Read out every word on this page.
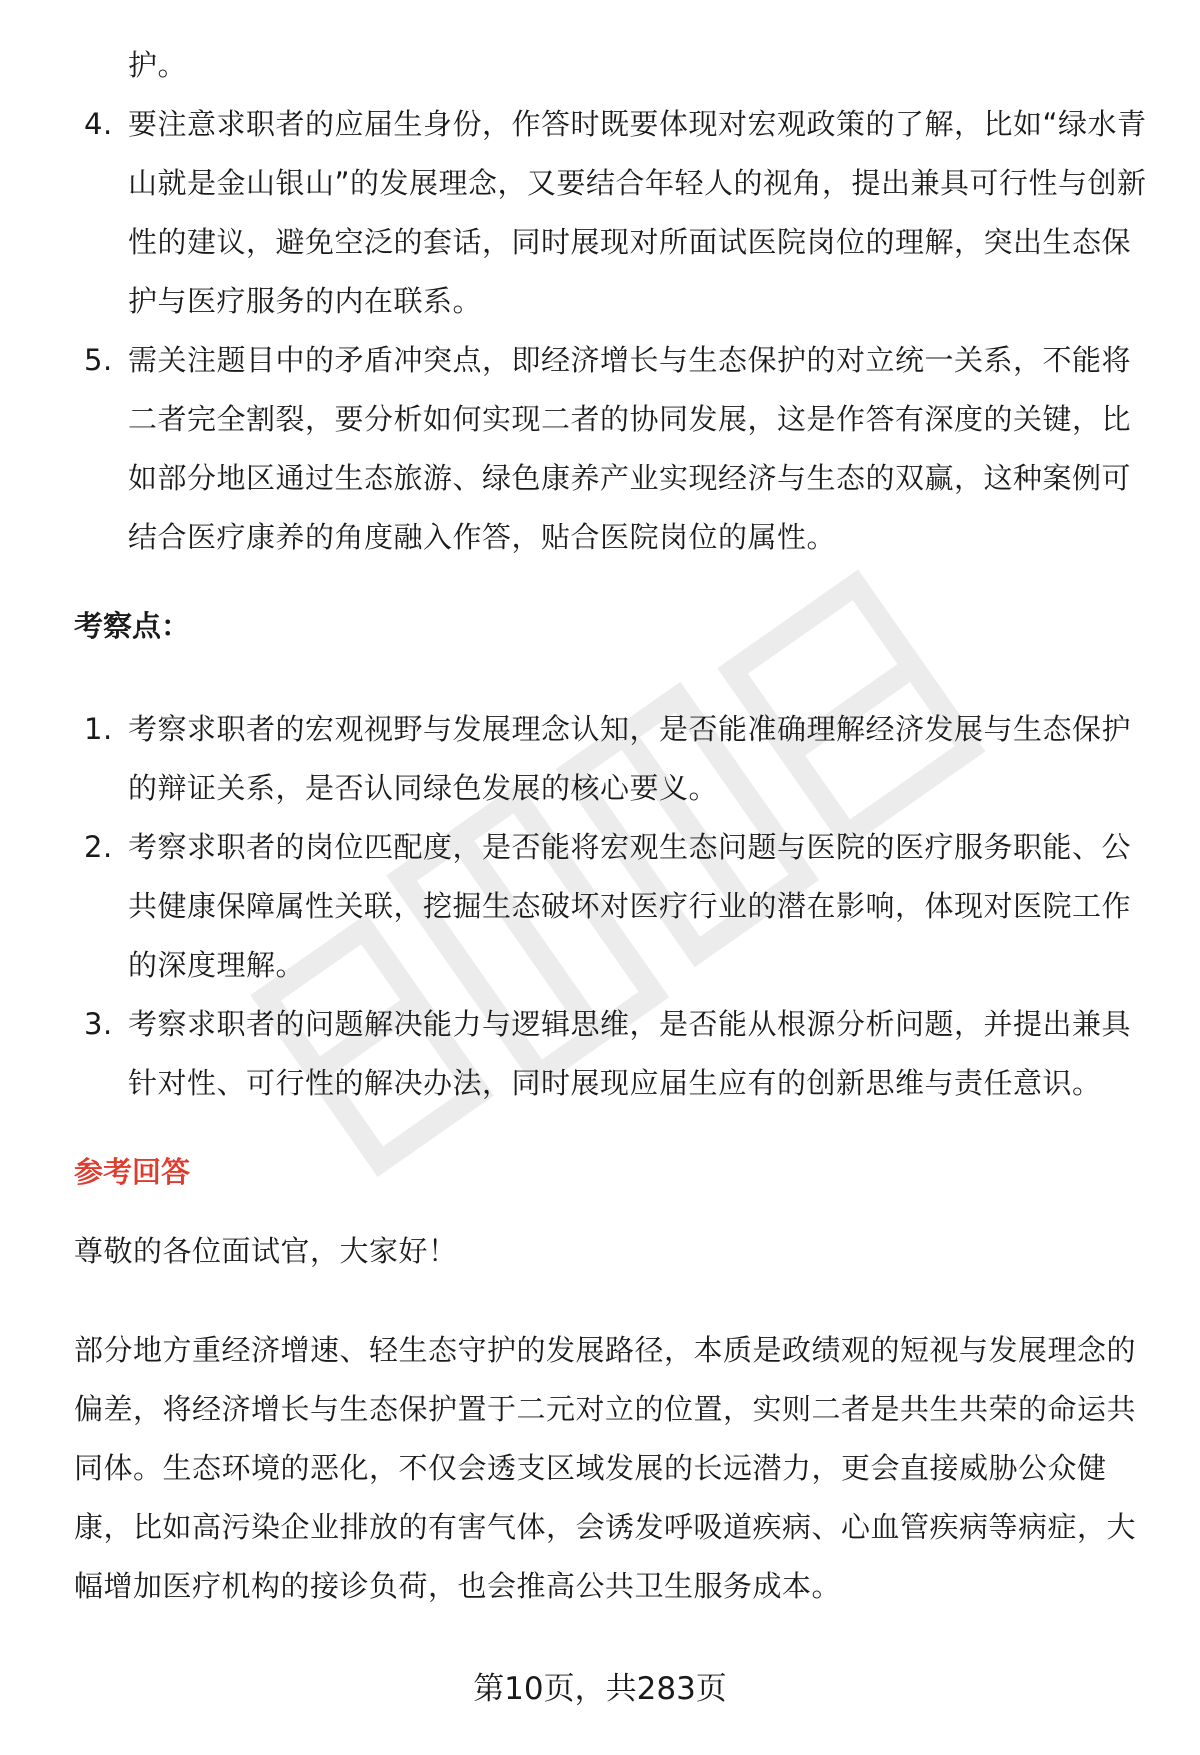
护。

4. 要注意求职者的应届生身份，作答时既要体现对宏观政策的了解，比如“绿水青山就是金山银山”的发展理念，又要结合年轻人的视角，提出兼具可行性与创新性的建议，避免空泛的套话，同时展现对所面试医院岗位的理解，突出生态保护与医疗服务的内在联系。
5. 需关注题目中的矛盾冲突点，即经济增长与生态保护的对立统一关系，不能将二者完全割裂，要分析如何实现二者的协同发展，这是作答有深度的关键，比如部分地区通过生态旅游、绿色康养产业实现经济与生态的双赢，这种案例可结合医疗康养的角度融入作答，贴合医院岗位的属性。
考察点：
1. 考察求职者的宏观视野与发展理念认知，是否能准确理解经济发展与生态保护的辩证关系，是否认同绿色发展的核心要义。
2. 考察求职者的岗位匹配度，是否能将宏观生态问题与医院的医疗服务职能、公共健康保障属性关联，挖掘生态破坏对医疗行业的潜在影响，体现对医院工作的深度理解。
3. 考察求职者的问题解决能力与逻辑思维，是否能从根源分析问题，并提出兼具针对性、可行性的解决办法，同时展现应届生应有的创新思维与责任意识。
参考回答

尊敬的各位面试官，大家好！

部分地方重经济增速、轻生态守护的发展路径，本质是政绩观的短视与发展理念的偏差，将经济增长与生态保护置于二元对立的位置，实则二者是共生共荣的命运共同体。生态环境的恶化，不仅会透支区域发展的长远潜力，更会直接威胁公众健康，比如高污染企业排放的有害气体，会诱发呼吸道疾病、心血管疾病等病症，大幅增加医疗机构的接诊负荷，也会推高公共卫生服务成本。

第10页，共283页
